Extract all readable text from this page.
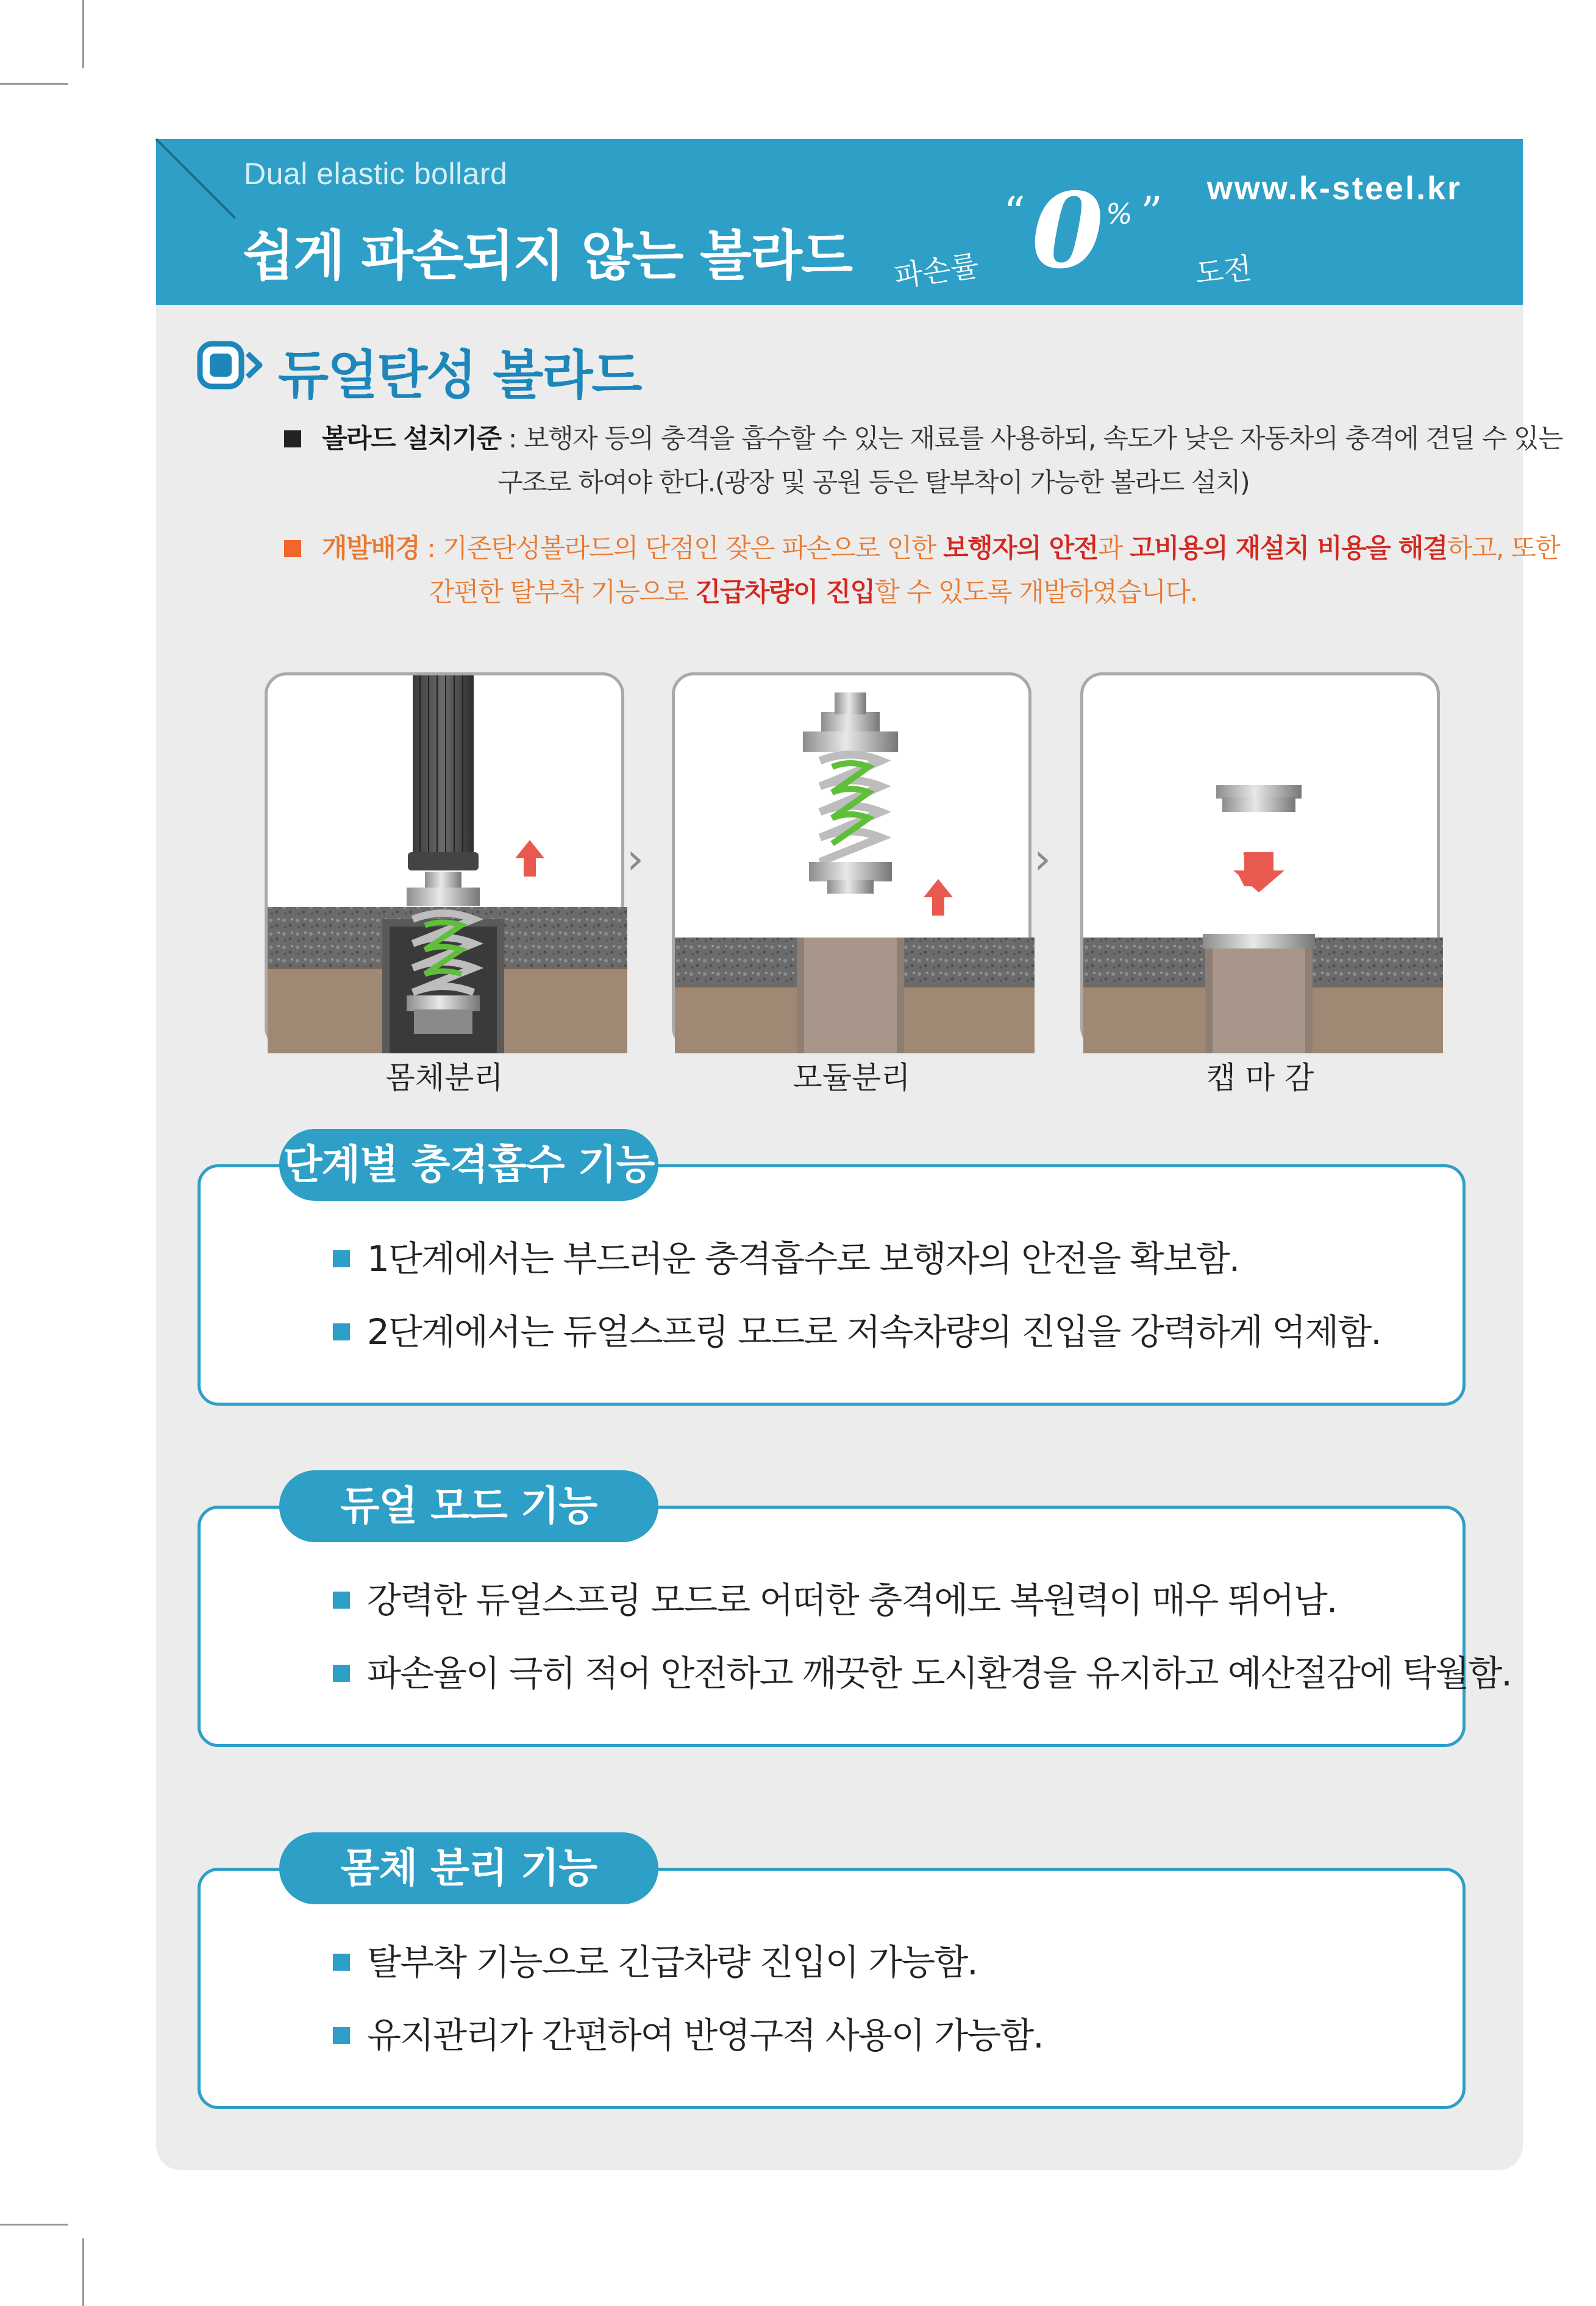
Dual elastic bollard
쉽게 파손되지 않는 볼라드 파손률
“ 0 % ”
도전
www.k-steel.kr
듀얼탄성 볼라드
볼라드 설치기준 : 보행자 등의 충격을 흡수할 수 있는 재료를 사용하되, 속도가 낮은 자동차의 충격에 견딜 수 있는
구조로 하여야 한다.(광장 및 공원 등은 탈부착이 가능한 볼라드 설치)
개발배경 : 기존탄성볼라드의 단점인 잦은 파손으로 인한 보행자의 안전과 고비용의 재설치 비용을 해결하고, 또한
간편한 탈부착 기능으로 긴급차량이 진입할 수 있도록 개발하였습니다.
›	›
몸체분리	모듈분리	캡 마 감
단계별 충격흡수 기능
1단계에서는 부드러운 충격흡수로 보행자의 안전을 확보함.
2단계에서는 듀얼스프링 모드로 저속차량의 진입을 강력하게 억제함.
듀얼 모드 기능
강력한 듀얼스프링 모드로 어떠한 충격에도 복원력이 매우 뛰어남.
파손율이 극히 적어 안전하고 깨끗한 도시환경을 유지하고 예산절감에 탁월함.
몸체 분리 기능
탈부착 기능으로 긴급차량 진입이 가능함.
유지관리가 간편하여 반영구적 사용이 가능함.
